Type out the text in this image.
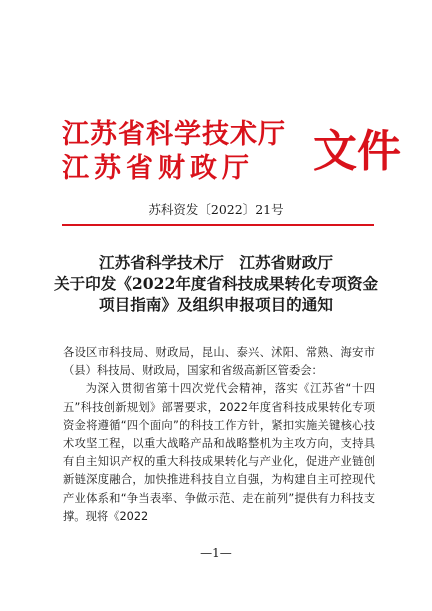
江苏省科学技术厅
江苏省财政厅	文件
苏科资发〔2022〕21号
江苏省科学技术厅　江苏省财政厅
关于印发《2022年度省科技成果转化专项资金
项目指南》及组织申报项目的通知

各设区市科技局、财政局，昆山、泰兴、沭阳、常熟、海安市（县）科技局、财政局，国家和省级高新区管委会：

为深入贯彻省第十四次党代会精神，落实《江苏省“十四五”科技创新规划》部署要求，2022年度省科技成果转化专项资金将遵循“四个面向”的科技工作方针，紧扣实施关键核心技术攻坚工程，以重大战略产品和战略整机为主攻方向，支持具有自主知识产权的重大科技成果转化与产业化，促进产业链创新链深度融合，加快推进科技自立自强，为构建自主可控现代产业体系和“争当表率、争做示范、走在前列”提供有力科技支撑。现将《2022

—1—
